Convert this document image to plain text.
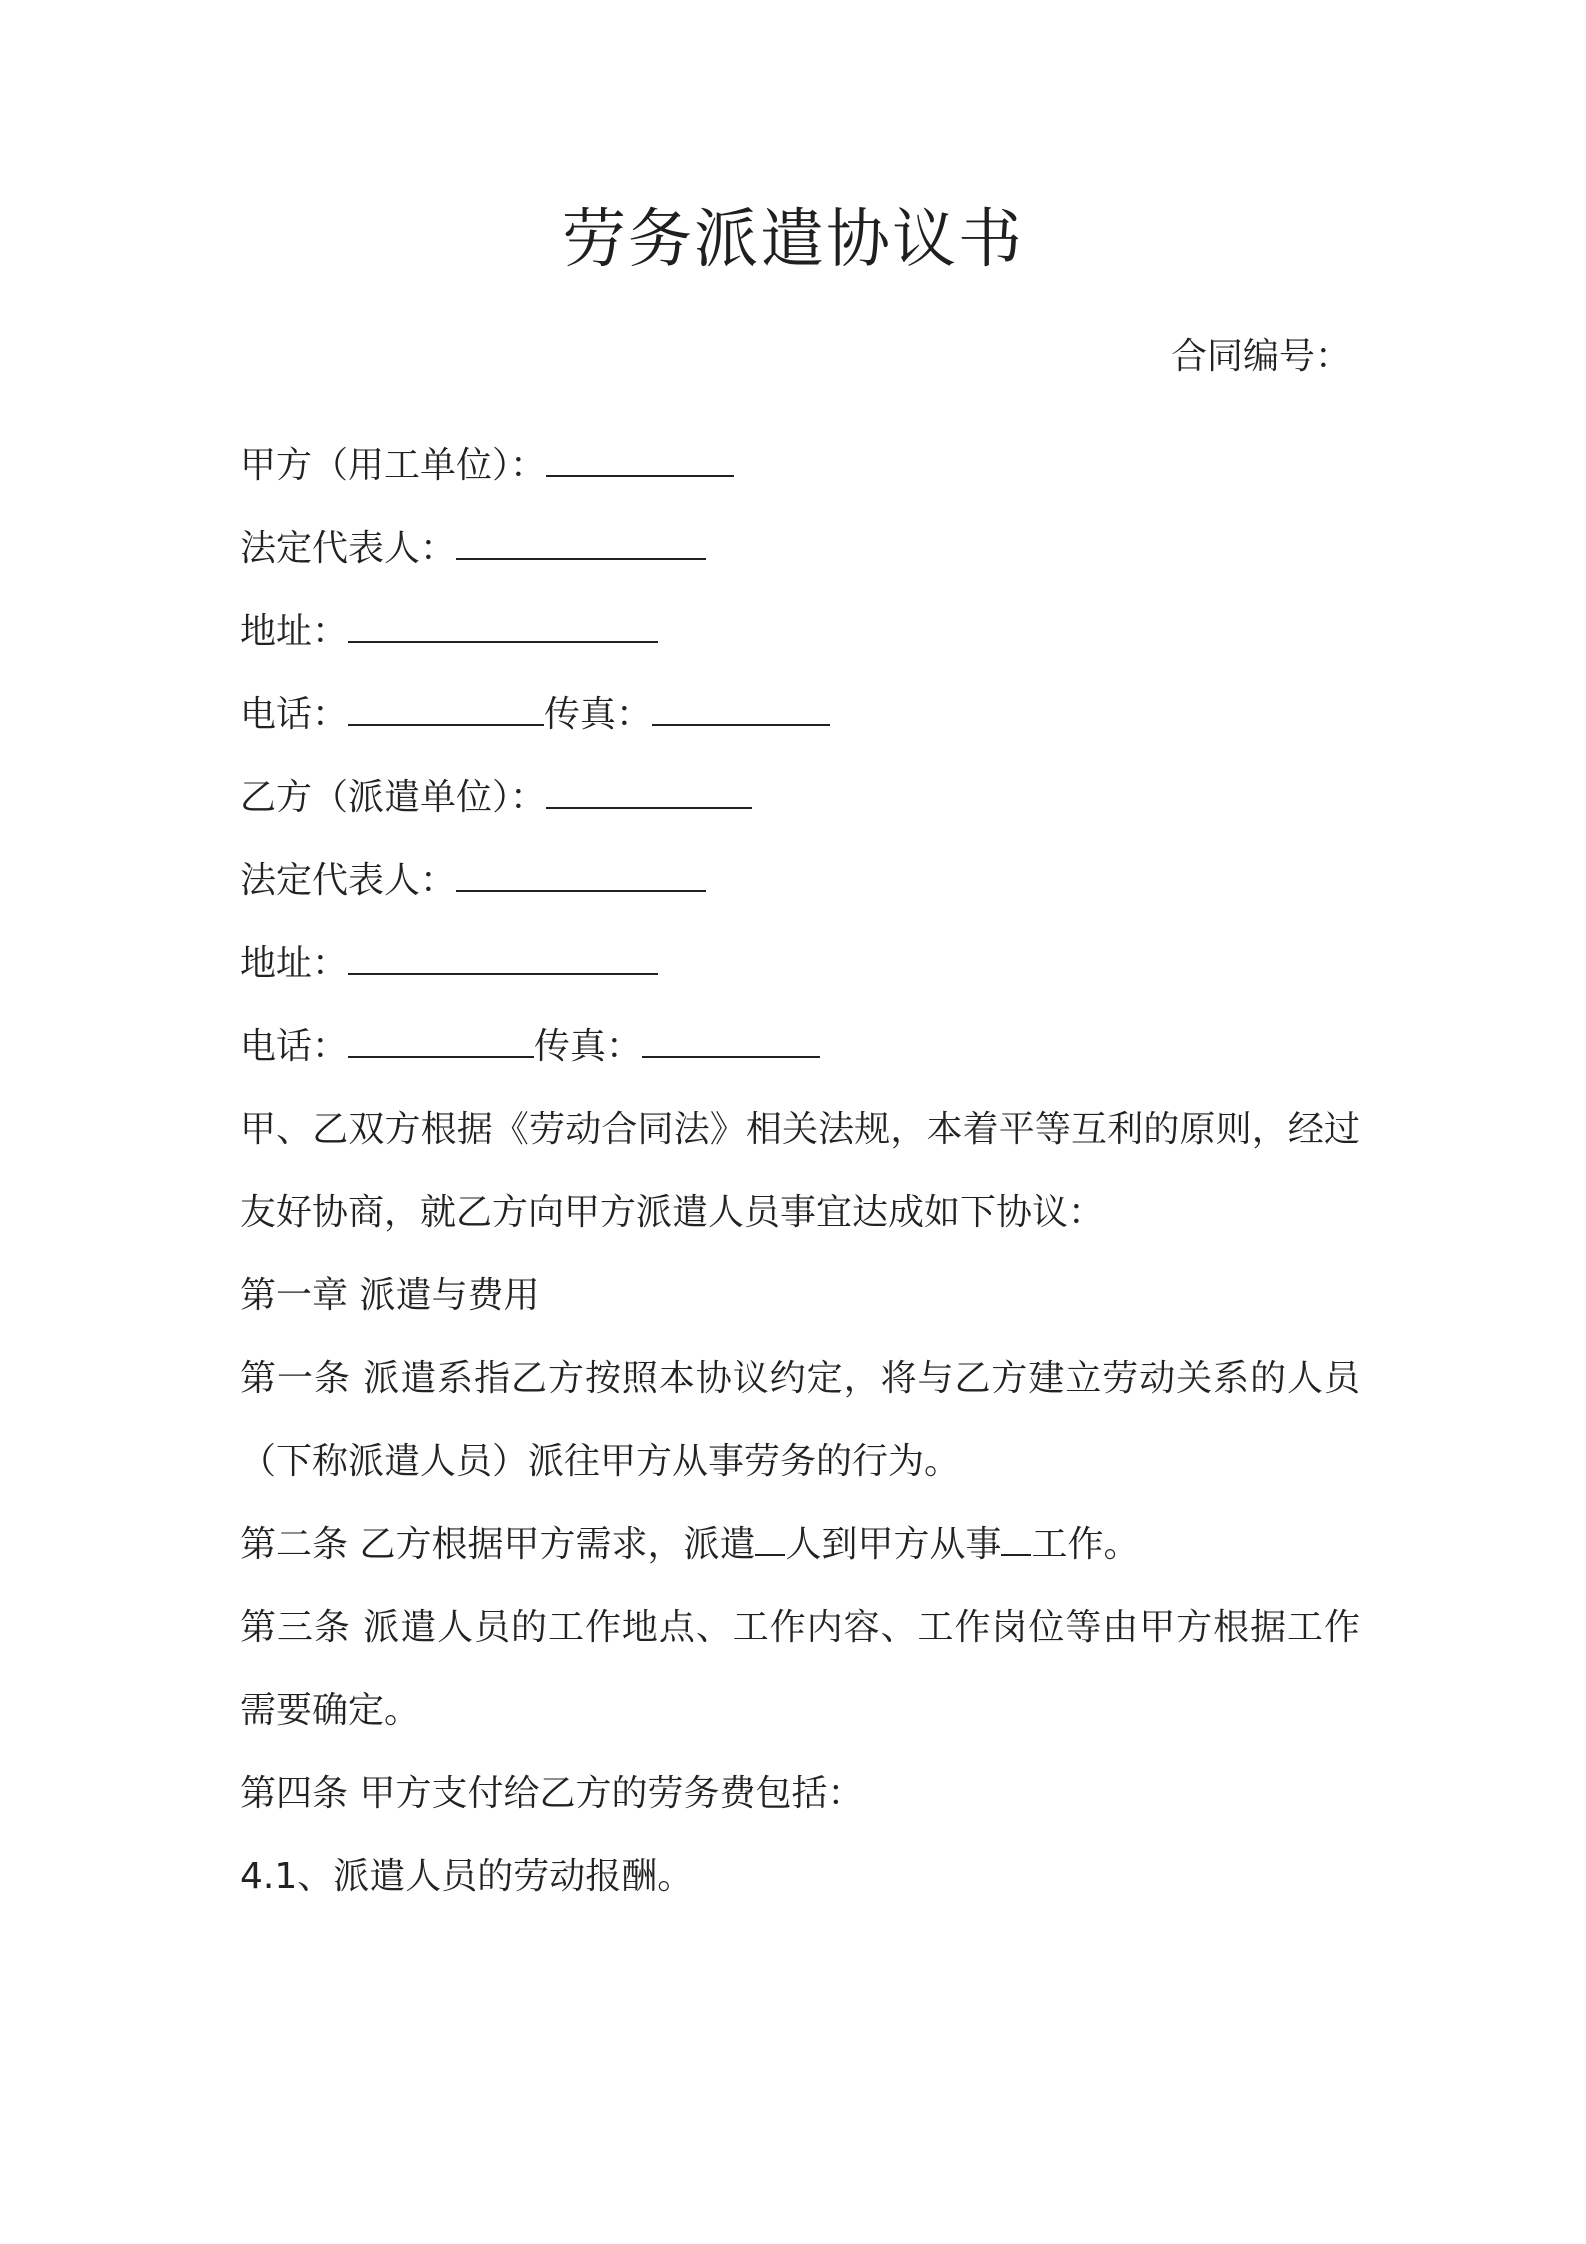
劳务派遣协议书
合同编号：
甲方（用工单位）：
法定代表人：
地址：
电话：	传真：
乙方（派遣单位）：
法定代表人：
地址：
电话：	传真：
甲、乙双方根据《劳动合同法》相关法规，本着平等互利的原则，经过友好协商，就乙方向甲方派遣人员事宜达成如下协议：
第一章 派遣与费用
第一条 派遣系指乙方按照本协议约定，将与乙方建立劳动关系的人员（下称派遣人员）派往甲方从事劳务的行为。
第二条 乙方根据甲方需求，派遣 人到甲方从事 工作。
第三条 派遣人员的工作地点、工作内容、工作岗位等由甲方根据工作需要确定。
第四条 甲方支付给乙方的劳务费包括：
4.1、派遣人员的劳动报酬。
